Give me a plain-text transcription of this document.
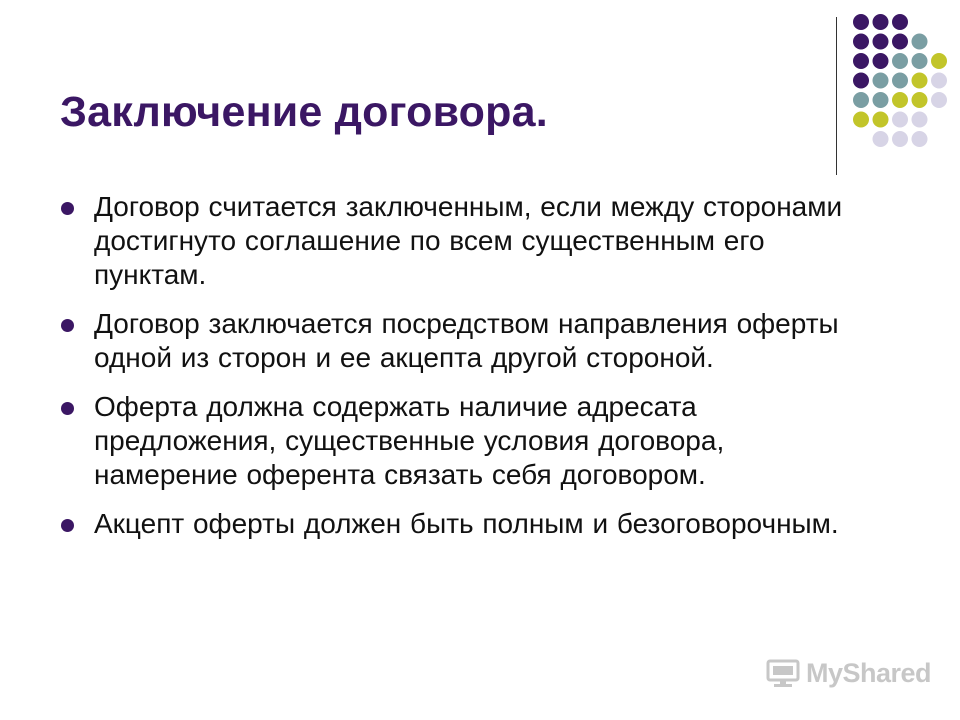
Заключение договора.
Договор считается заключенным, если между сторонами достигнуто соглашение по всем существенным его пунктам.
Договор заключается посредством направления оферты одной из сторон и ее акцепта другой стороной.
Оферта должна содержать наличие адресата предложения, существенные условия договора, намерение оферента связать себя договором.
Акцепт оферты должен быть полным и безоговорочным.
MyShared
